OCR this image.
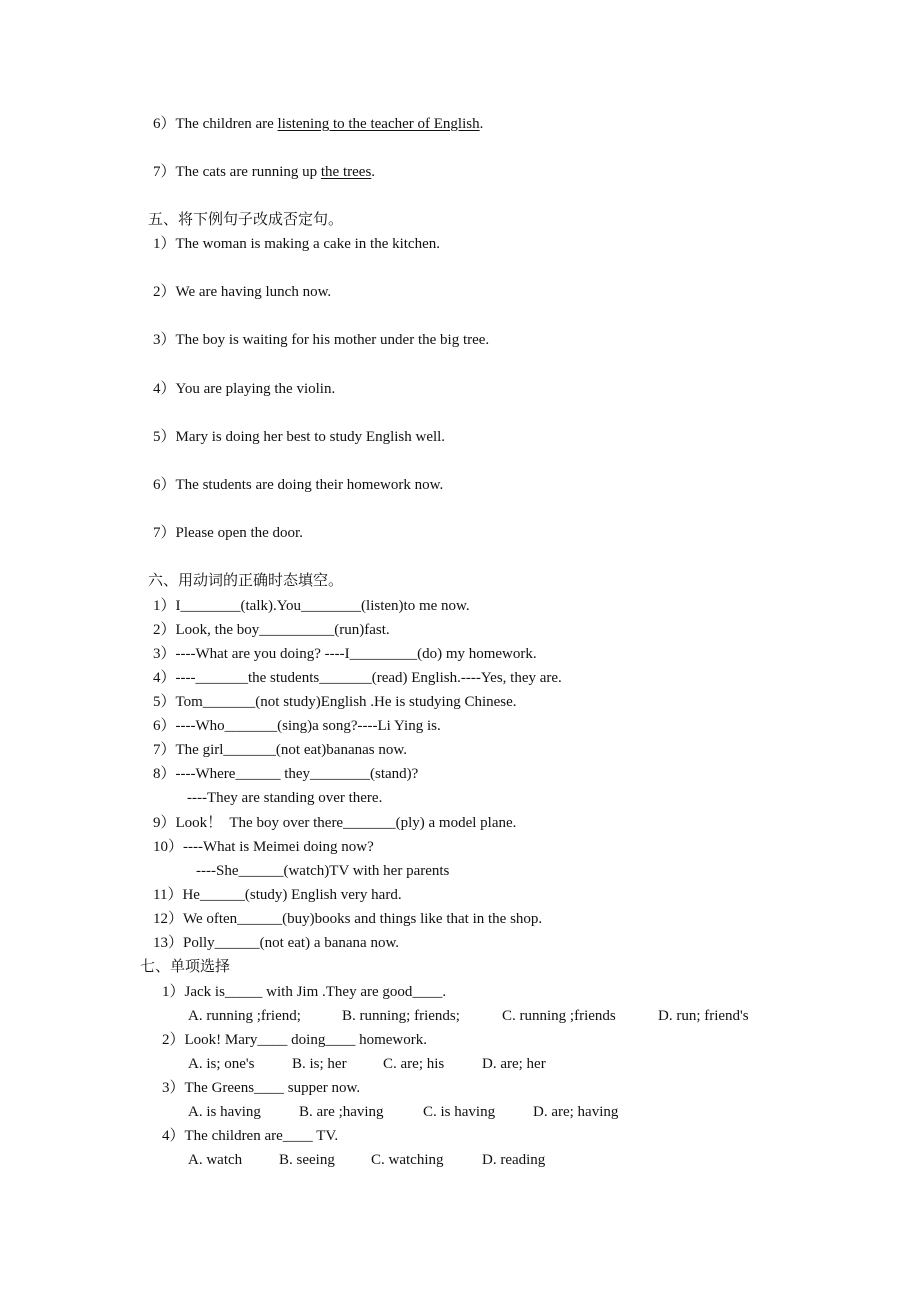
6）The children are listening to the teacher of English.
7）The cats are running up the trees.
五、将下例句子改成否定句。
1）The woman is making a cake in the kitchen.
2）We are having lunch now.
3）The boy is waiting for his mother under the big tree.
4）You are playing the violin.
5）Mary is doing her best to study English well.
6）The students are doing their homework now.
7）Please open the door.
六、用动词的正确时态填空。
1）I________(talk).You________(listen)to me now.
2）Look, the boy__________(run)fast.
3）----What are you doing? ----I_________(do) my homework.
4）----_______the students_______(read) English.----Yes, they are.
5）Tom_______(not study)English .He is studying Chinese.
6）----Who_______(sing)a song?----Li Ying is.
7）The girl_______(not eat)bananas now.
8）----Where______ they________(stand)?
----They are standing over there.
9）Look！  The boy over there_______(ply) a model plane.
10）----What is Meimei doing now?
----She______(watch)TV with her parents
11）He______(study) English very hard.
12）We often______(buy)books and things like that in the shop.
13）Polly______(not eat) a banana now.
七、单项选择
1）Jack is_____ with Jim .They are good____.
A. running ;friend;	B. running; friends;	C. running ;friends	D. run; friend's
2）Look! Mary____ doing____ homework.
A. is; one's	B. is; her C. are; his	D. are; her
3）The Greens____ supper now.
A. is having	B. are ;having	C. is having	D. are; having
4）The children are____ TV.
A. watch B. seeing C. watching	D. reading
